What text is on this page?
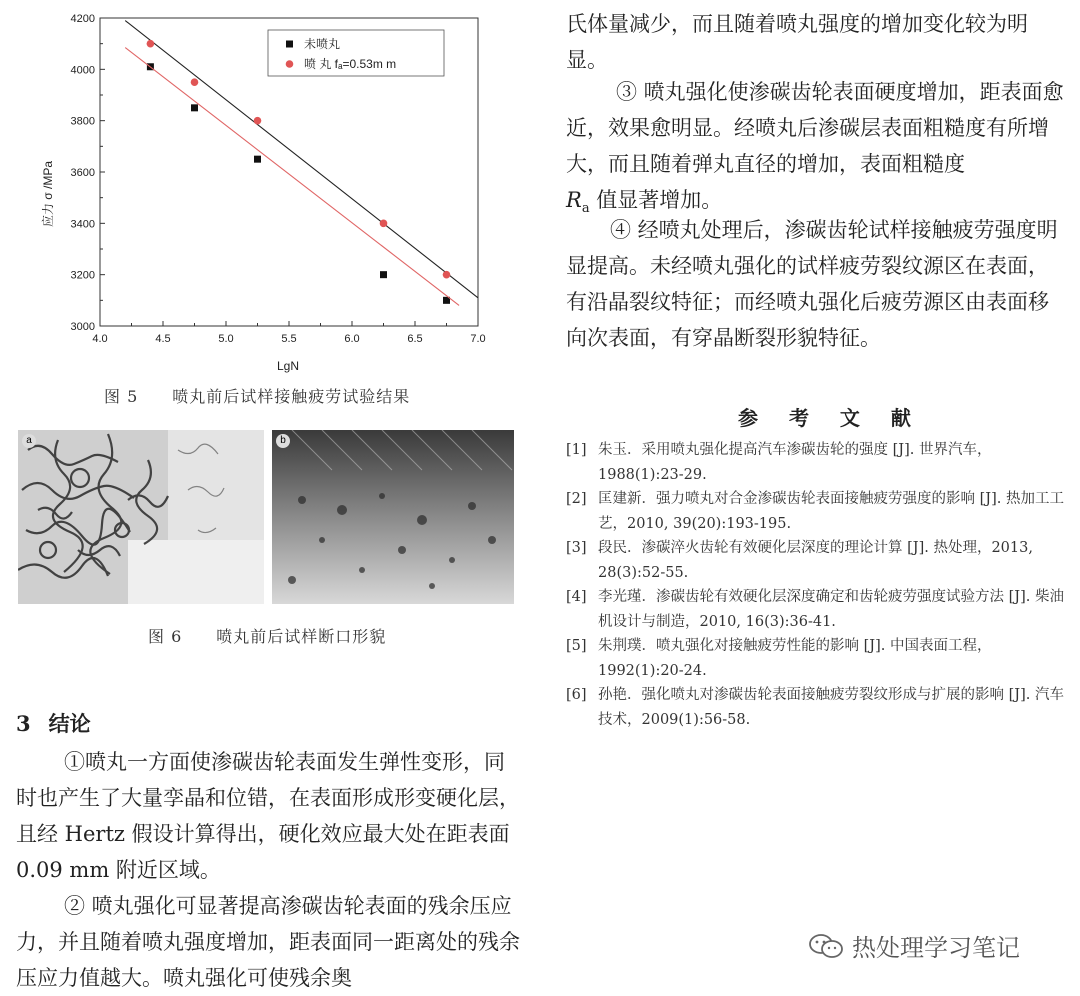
4.0	4.5	5.0	5.5	6.0	6.5	7.0
3000
3200
3400
3600
3800
4000
4200
未喷丸
喷 丸 fₐ=0.53m m
应力 σ /MPa
LgN
图 5　　喷丸前后试样接触疲劳试验结果
a	b
图 6　　喷丸前后试样断口形貌
3 结论

①喷丸一方面使渗碳齿轮表面发生弹性变形，同时也产生了大量孪晶和位错，在表面形成形变硬化层，且经 Hertz 假设计算得出，硬化效应最大处在距表面 0.09 mm 附近区域。

② 喷丸强化可显著提高渗碳齿轮表面的残余压应力，并且随着喷丸强度增加，距表面同一距离处的残余压应力值越大。喷丸强化可使残余奥

氏体量减少，而且随着喷丸强度的增加变化较为明显。

③ 喷丸强化使渗碳齿轮表面硬度增加，距表面愈近，效果愈明显。经喷丸后渗碳层表面粗糙度有所增大，而且随着弹丸直径的增加，表面粗糙度

$R_a$ 值显著增加。

④ 经喷丸处理后，渗碳齿轮试样接触疲劳强度明显提高。未经喷丸强化的试样疲劳裂纹源区在表面，有沿晶裂纹特征；而经喷丸强化后疲劳源区由表面移向次表面，有穿晶断裂形貌特征。

参 考 文 献
[1] 朱玉．采用喷丸强化提高汽车渗碳齿轮的强度 [J]. 世界汽车，1988(1):23-29.
[2] 匡建新．强力喷丸对合金渗碳齿轮表面接触疲劳强度的影响 [J]. 热加工工艺，2010, 39(20):193-195.
[3] 段民．渗碳淬火齿轮有效硬化层深度的理论计算 [J]. 热处理，2013, 28(3):52-55.
[4] 李光瑾．渗碳齿轮有效硬化层深度确定和齿轮疲劳强度试验方法 [J]. 柴油机设计与制造，2010, 16(3):36-41.
[5] 朱荆璞．喷丸强化对接触疲劳性能的影响 [J]. 中国表面工程，1992(1):20-24.
[6] 孙艳．强化喷丸对渗碳齿轮表面接触疲劳裂纹形成与扩展的影响 [J]. 汽车技术，2009(1):56-58.
热处理学习笔记
